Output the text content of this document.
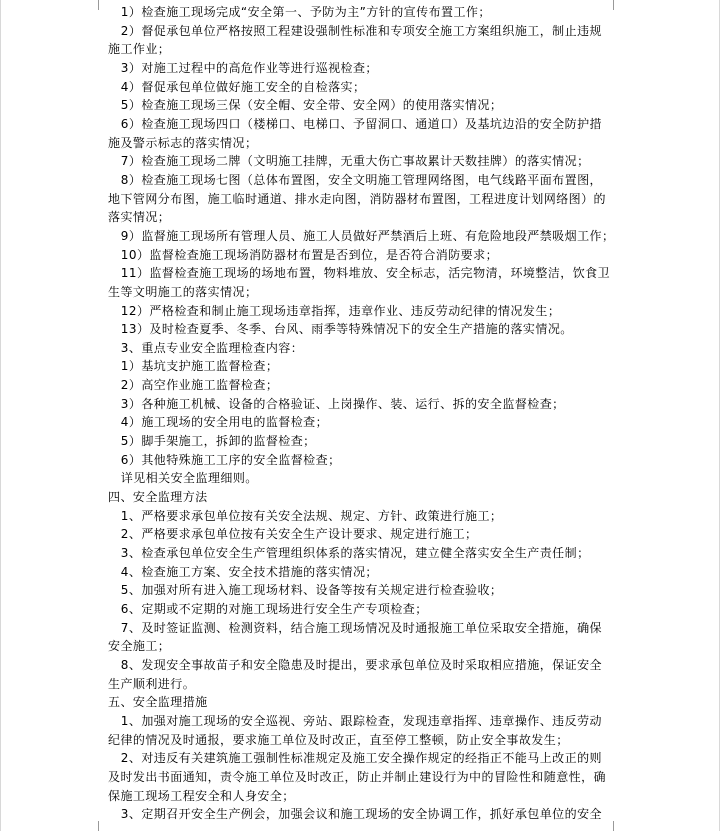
1）检查施工现场完成“安全第一、予防为主”方针的宣传布置工作；
2）督促承包单位严格按照工程建设强制性标准和专项安全施工方案组织施工，制止违规
施工作业；
3）对施工过程中的高危作业等进行巡视检查；
4）督促承包单位做好施工安全的自检落实；
5）检查施工现场三保（安全帽、安全带、安全网）的使用落实情况；
6）检查施工现场四口（楼梯口、电梯口、予留洞口、通道口）及基坑边沿的安全防护措
施及警示标志的落实情况；
7）检查施工现场二牌（文明施工挂牌，无重大伤亡事故累计天数挂牌）的落实情况；
8）检查施工现场七图（总体布置图，安全文明施工管理网络图，电气线路平面布置图，
地下管网分布图，施工临时通道、排水走向图，消防器材布置图，工程进度计划网络图）的
落实情况；
9）监督施工现场所有管理人员、施工人员做好严禁酒后上班、有危险地段严禁吸烟工作；
10）监督检查施工现场消防器材布置是否到位，是否符合消防要求；
11）监督检查施工现场的场地布置，物料堆放、安全标志，活完物清，环境整洁，饮食卫
生等文明施工的落实情况；
12）严格检查和制止施工现场违章指挥，违章作业、违反劳动纪律的情况发生；
13）及时检查夏季、冬季、台风、雨季等特殊情况下的安全生产措施的落实情况。
3、重点专业安全监理检查内容：
1）基坑支护施工监督检查；
2）高空作业施工监督检查；
3）各种施工机械、设备的合格验证、上岗操作、装、运行、拆的安全监督检查；
4）施工现场的安全用电的监督检查；
5）脚手架施工，拆卸的监督检查；
6）其他特殊施工工序的安全监督检查；
详见相关安全监理细则。
四、安全监理方法
1、严格要求承包单位按有关安全法规、规定、方针、政策进行施工；
2、严格要求承包单位按有关安全生产设计要求、规定进行施工；
3、检查承包单位安全生产管理组织体系的落实情况，建立健全落实安全生产责任制；
4、检查施工方案、安全技术措施的落实情况；
5、加强对所有进入施工现场材料、设备等按有关规定进行检查验收；
6、定期或不定期的对施工现场进行安全生产专项检查；
7、及时签证监测、检测资料，结合施工现场情况及时通报施工单位采取安全措施，确保
安全施工；
8、发现安全事故苗子和安全隐患及时提出，要求承包单位及时采取相应措施，保证安全
生产顺利进行。
五、安全监理措施
1、加强对施工现场的安全巡视、旁站、跟踪检查，发现违章指挥、违章操作、违反劳动
纪律的情况及时通报，要求施工单位及时改正，直至停工整顿，防止安全事故发生；
2、对违反有关建筑施工强制性标准规定及施工安全操作规定的经指正不能马上改正的则
及时发出书面通知，责令施工单位及时改正，防止并制止建设行为中的冒险性和随意性，确
保施工现场工程安全和人身安全；
3、定期召开安全生产例会，加强会议和施工现场的安全协调工作，抓好承包单位的安全
